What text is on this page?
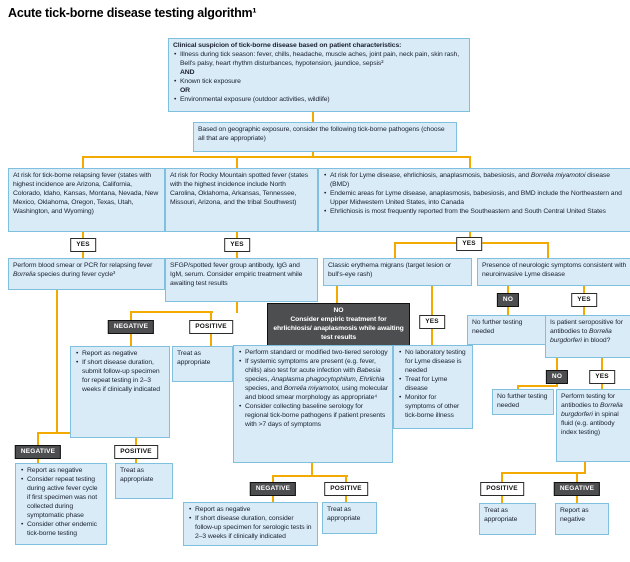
Acute tick-borne disease testing algorithm¹
Clinical suspicion of tick-borne disease based on patient characteristics:
• Illness during tick season: fever, chills, headache, muscle aches, joint pain, neck pain, skin rash, Bell's palsy, heart rhythm disturbances, hypotension, jaundice, sepsis²
AND
• Known tick exposure
OR
• Environmental exposure (outdoor activities, wildlife)
Based on geographic exposure, consider the following tick-borne pathogens (choose all that are appropriate)
At risk for tick-borne relapsing fever (states with highest incidence are Arizona, California, Colorado, Idaho, Kansas, Montana, Nevada, New Mexico, Oklahoma, Oregon, Texas, Utah, Washington, and Wyoming)
At risk for Rocky Mountain spotted fever (states with the highest incidence include North Carolina, Oklahoma, Arkansas, Tennessee, Missouri, Arizona, and the tribal Southwest)
• At risk for Lyme disease, ehrlichiosis, anaplasmosis, babesiosis, and Borrelia miyamotoi disease (BMD)
• Endemic areas for Lyme disease, anaplasmosis, babesiosis, and BMD include the Northeastern and Upper Midwestern United States, into Canada
• Ehrlichiosis is most frequently reported from the Southeastern and South Central United States
Perform blood smear or PCR for relapsing fever Borrelia species during fever cycle³
SFGP/spotted fever group antibody, IgG and IgM, serum. Consider empiric treatment while awaiting test results
Classic erythema migrans (target lesion or bull's-eye rash)
Presence of neurologic symptoms consistent with neuroinvasive Lyme disease
NO
Consider empiric treatment for ehrlichiosis/ anaplasmosis while awaiting test results
• Report as negative
• If short disease duration, submit follow-up specimen for repeat testing in 2–3 weeks if clinically indicated
Treat as appropriate
• Perform standard or modified two-tiered serology
• If systemic symptoms are present (e.g. fever, chills) also test for acute infection with Babesia species, Anaplasma phagocytophilum, Ehrlichia species, and Borrelia miyamotoi, using molecular and blood smear morphology as appropriate⁴
• Consider collecting baseline serology for regional tick-borne pathogens if patient presents with >7 days of symptoms
• No laboratory testing for Lyme disease is needed
• Treat for Lyme disease
• Monitor for symptoms of other tick-borne illness
No further testing needed
Is patient seropositive for antibodies to Borrelia burgdorferi in blood?
• Report as negative
• Consider repeat testing during active fever cycle if first specimen was not collected during symptomatic phase
• Consider other endemic tick-borne testing
Treat as appropriate
• Report as negative
• If short disease duration, consider follow-up specimen for serologic tests in 2–3 weeks if clinically indicated
Treat as appropriate
No further testing needed
Perform testing for antibodies to Borrelia burgdorferi in spinal fluid (e.g. antibody index testing)
Treat as appropriate
Report as negative
YES	YES	YES
NEGATIVE	POSITIVE
YES
NO	YES
NEGATIVE	POSITIVE
NEGATIVE	POSITIVE
NO	YES
POSITIVE	NEGATIVE
